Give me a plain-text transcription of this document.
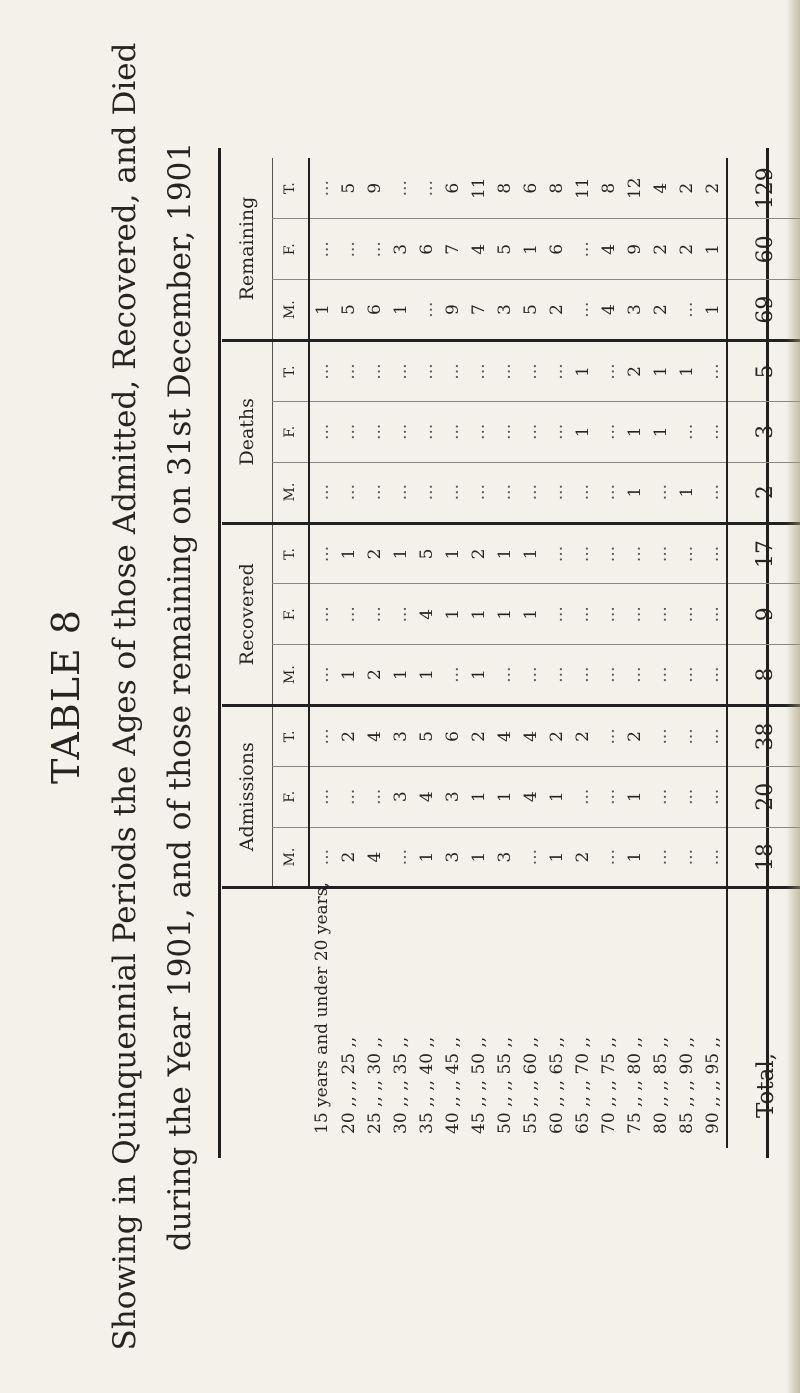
TABLE 8 Showing in Quinquennial Periods the Ages of those Admitted, Recovered, and Died during the Year 1901, and of those remaining on 31st December, 1901
	Admissions			Recovered			Deaths			Remaining		
	M.	F.	T.	M.	F.	T.	M.	F.	T.	M.	F.	T.
15 years and under 20 years,	...	...	...	...	...	...	...	...	...	1	...	...
20 ,, ,, 25 ,,	2	...	2	1	...	1	...	...	...	5	...	5
25 ,, ,, 30 ,,	4	...	4	2	...	2	...	...	...	6	...	9
30 ,, ,, 35 ,,	...	3	3	1	...	1	...	...	...	1	3	...
35 ,, ,, 40 ,,	1	4	5	1	4	5	...	...	...	...	6	...
40 ,, ,, 45 ,,	3	3	6	...	1	1	...	...	...	9	7	6
45 ,, ,, 50 ,,	1	1	2	1	1	2	...	...	...	7	4	11
50 ,, ,, 55 ,,	3	1	4	...	1	1	...	...	...	3	5	8
55 ,, ,, 60 ,,	...	4	4	...	1	1	...	...	...	5	1	6
60 ,, ,, 65 ,,	1	1	2	...	...	...	...	...	...	2	6	8
65 ,, ,, 70 ,,	2	...	2	...	...	...	...	1	1	...	...	11
70 ,, ,, 75 ,,	...	...	...	...	...	...	...	...	...	4	4	8
75 ,, ,, 80 ,,	1	1	2	...	...	...	1	1	2	3	9	12
80 ,, ,, 85 ,,	...	...	...	...	...	...	...	1	1	2	2	4
85 ,, ,, 90 ,,	...	...	...	...	...	...	1	...	1	...	2	2
90 ,, ,, 95 ,,	...	...	...	...	...	...	...	...	...	1	1	2
Total,	18	20	38	8	9	17	2	3	5	69	60	129
